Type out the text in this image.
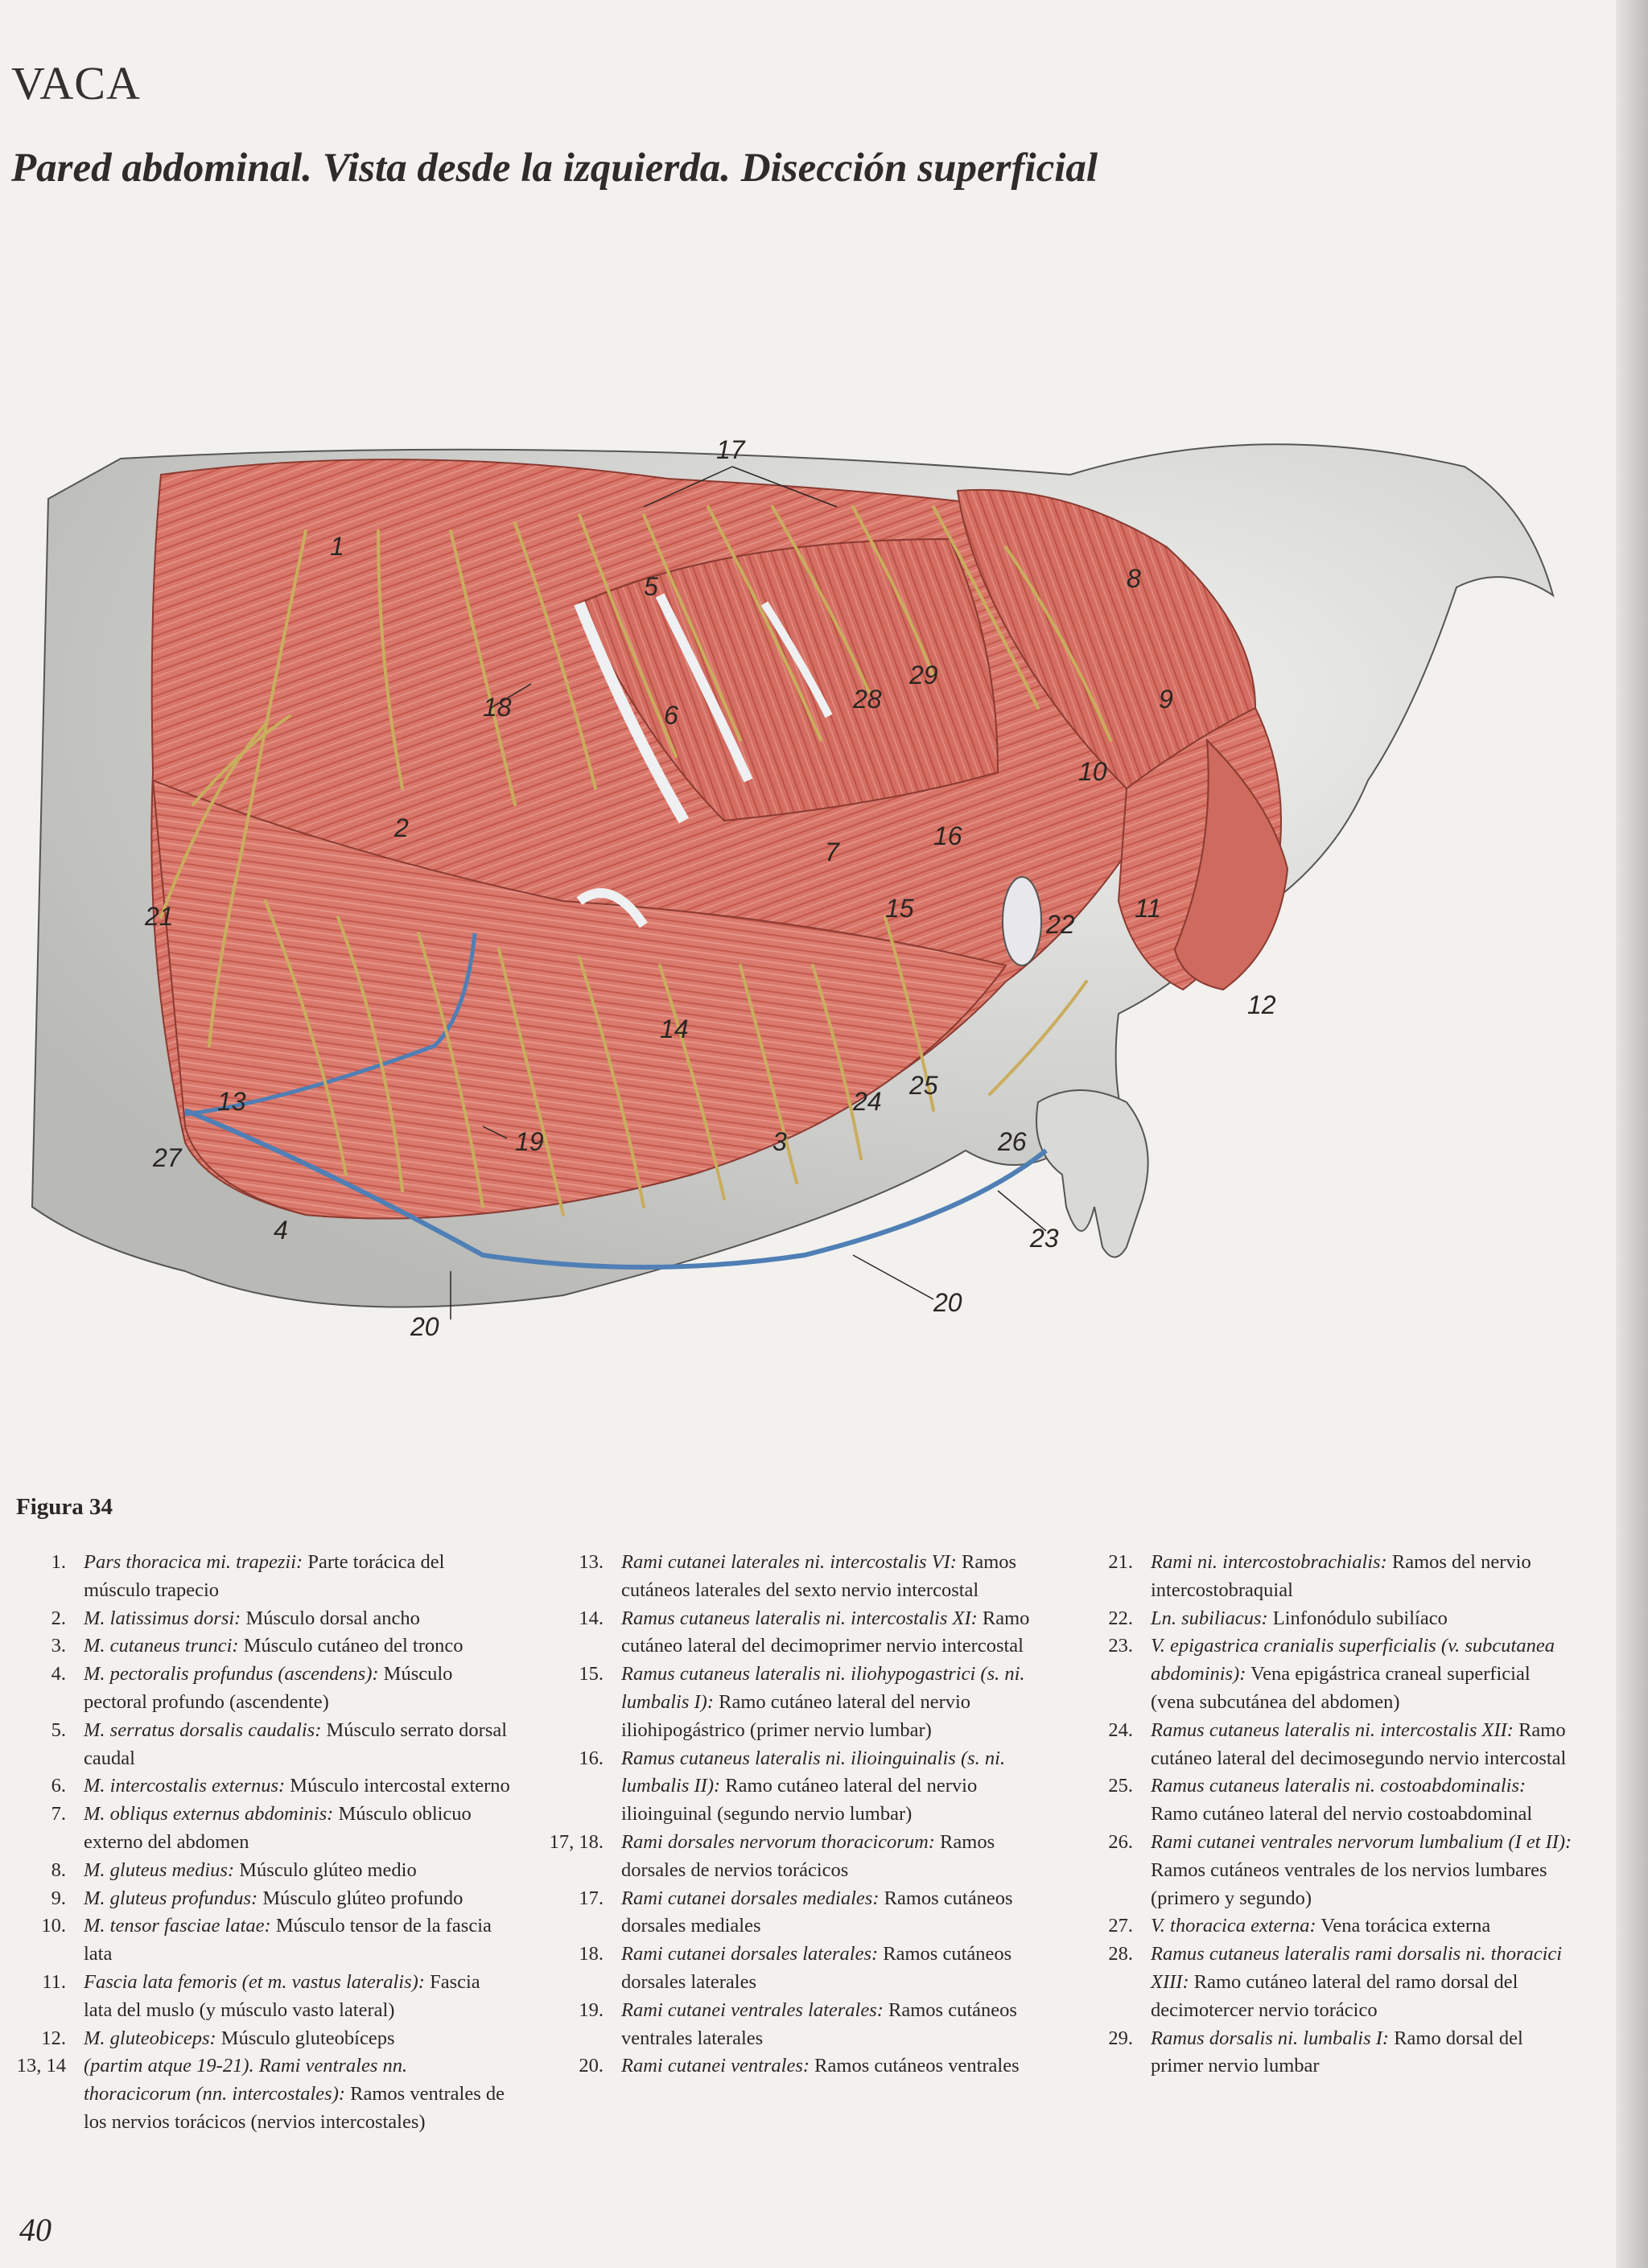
VACA
Pared abdominal. Vista desde la izquierda. Disección superficial
1
2
3
4
5
6
7
8
9
10
11
12
13
14
15
16
17
18
19
20
20
21	22
23
24
25
26
27
28
29
Figura 34
1. Pars thoracica mi. trapezii: Parte torácica del músculo trapecio
2. M. latissimus dorsi: Músculo dorsal ancho
3. M. cutaneus trunci: Músculo cutáneo del tronco
4. M. pectoralis profundus (ascendens): Músculo pectoral profundo (ascendente)
5. M. serratus dorsalis caudalis: Músculo serrato dorsal caudal
6. M. intercostalis externus: Músculo intercostal externo
7. M. obliqus externus abdominis: Músculo oblicuo externo del abdomen
8. M. gluteus medius: Músculo glúteo medio
9. M. gluteus profundus: Músculo glúteo profundo
10. M. tensor fasciae latae: Músculo tensor de la fascia lata
11. Fascia lata femoris (et m. vastus lateralis): Fascia lata del muslo (y músculo vasto lateral)
12. M. gluteobiceps: Músculo gluteobíceps
13, 14 (partim atque 19-21). Rami ventrales nn. thoracicorum (nn. intercostales): Ramos ventrales de los nervios torácicos (nervios intercostales)
13. Rami cutanei laterales ni. intercostalis VI: Ramos cutáneos laterales del sexto nervio intercostal
14. Ramus cutaneus lateralis ni. intercostalis XI: Ramo cutáneo lateral del decimoprimer nervio intercostal
15. Ramus cutaneus lateralis ni. iliohypogastrici (s. ni. lumbalis I): Ramo cutáneo lateral del nervio iliohipogástrico (primer nervio lumbar)
16. Ramus cutaneus lateralis ni. ilioinguinalis (s. ni. lumbalis II): Ramo cutáneo lateral del nervio ilioinguinal (segundo nervio lumbar)
17, 18. Rami dorsales nervorum thoracicorum: Ramos dorsales de nervios torácicos
17. Rami cutanei dorsales mediales: Ramos cutáneos dorsales mediales
18. Rami cutanei dorsales laterales: Ramos cutáneos dorsales laterales
19. Rami cutanei ventrales laterales: Ramos cutáneos ventrales laterales
20. Rami cutanei ventrales: Ramos cutáneos ventrales
21. Rami ni. intercostobrachialis: Ramos del nervio intercostobraquial
22. Ln. subiliacus: Linfonódulo subilíaco
23. V. epigastrica cranialis superficialis (v. subcutanea abdominis): Vena epigástrica craneal superficial (vena subcutánea del abdomen)
24. Ramus cutaneus lateralis ni. intercostalis XII: Ramo cutáneo lateral del decimosegundo nervio intercostal
25. Ramus cutaneus lateralis ni. costoabdominalis: Ramo cutáneo lateral del nervio costoabdominal
26. Rami cutanei ventrales nervorum lumbalium (I et II): Ramos cutáneos ventrales de los nervios lumbares (primero y segundo)
27. V. thoracica externa: Vena torácica externa
28. Ramus cutaneus lateralis rami dorsalis ni. thoracici XIII: Ramo cutáneo lateral del ramo dorsal del decimotercer nervio torácico
29. Ramus dorsalis ni. lumbalis I: Ramo dorsal del primer nervio lumbar

40
